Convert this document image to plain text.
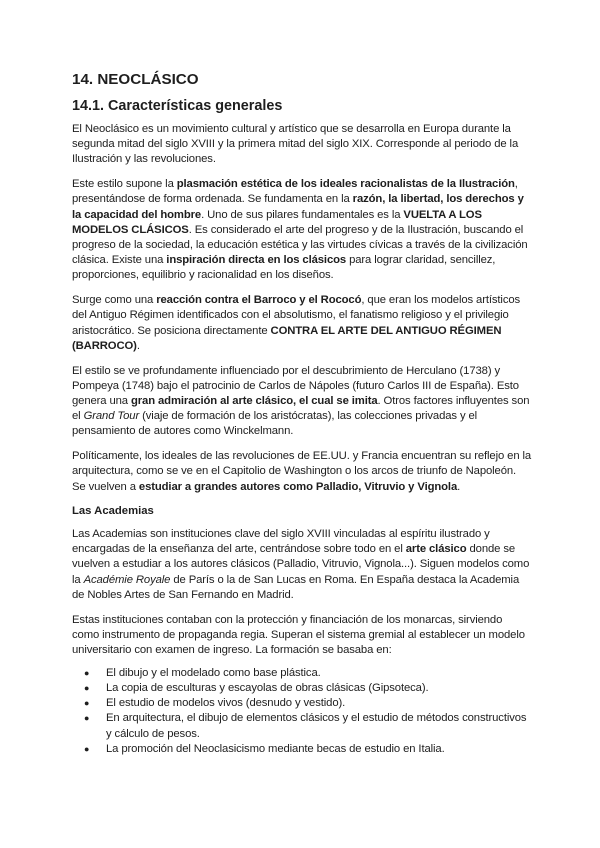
14. NEOCLÁSICO
14.1. Características generales

El Neoclásico es un movimiento cultural y artístico que se desarrolla en Europa durante la segunda mitad del siglo XVIII y la primera mitad del siglo XIX. Corresponde al periodo de la Ilustración y las revoluciones.

Este estilo supone la plasmación estética de los ideales racionalistas de la Ilustración, presentándose de forma ordenada. Se fundamenta en la razón, la libertad, los derechos y la capacidad del hombre. Uno de sus pilares fundamentales es la VUELTA A LOS MODELOS CLÁSICOS. Es considerado el arte del progreso y de la Ilustración, buscando el progreso de la sociedad, la educación estética y las virtudes cívicas a través de la civilización clásica. Existe una inspiración directa en los clásicos para lograr claridad, sencillez, proporciones, equilibrio y racionalidad en los diseños.

Surge como una reacción contra el Barroco y el Rococó, que eran los modelos artísticos del Antiguo Régimen identificados con el absolutismo, el fanatismo religioso y el privilegio aristocrático. Se posiciona directamente CONTRA EL ARTE DEL ANTIGUO RÉGIMEN (BARROCO).

El estilo se ve profundamente influenciado por el descubrimiento de Herculano (1738) y Pompeya (1748) bajo el patrocinio de Carlos de Nápoles (futuro Carlos III de España). Esto genera una gran admiración al arte clásico, el cual se imita. Otros factores influyentes son el Grand Tour (viaje de formación de los aristócratas), las colecciones privadas y el pensamiento de autores como Winckelmann.

Políticamente, los ideales de las revoluciones de EE.UU. y Francia encuentran su reflejo en la arquitectura, como se ve en el Capitolio de Washington o los arcos de triunfo de Napoleón. Se vuelven a estudiar a grandes autores como Palladio, Vitruvio y Vignola.

Las Academias

Las Academias son instituciones clave del siglo XVIII vinculadas al espíritu ilustrado y encargadas de la enseñanza del arte, centrándose sobre todo en el arte clásico donde se vuelven a estudiar a los autores clásicos (Palladio, Vitruvio, Vignola...). Siguen modelos como la Académie Royale de París o la de San Lucas en Roma. En España destaca la Academia de Nobles Artes de San Fernando en Madrid.

Estas instituciones contaban con la protección y financiación de los monarcas, sirviendo como instrumento de propaganda regia. Superan el sistema gremial al establecer un modelo universitario con examen de ingreso. La formación se basaba en:

● El dibujo y el modelado como base plástica.
● La copia de esculturas y escayolas de obras clásicas (Gipsoteca).
● El estudio de modelos vivos (desnudo y vestido).
● En arquitectura, el dibujo de elementos clásicos y el estudio de métodos constructivos y cálculo de pesos.
● La promoción del Neoclasicismo mediante becas de estudio en Italia.
